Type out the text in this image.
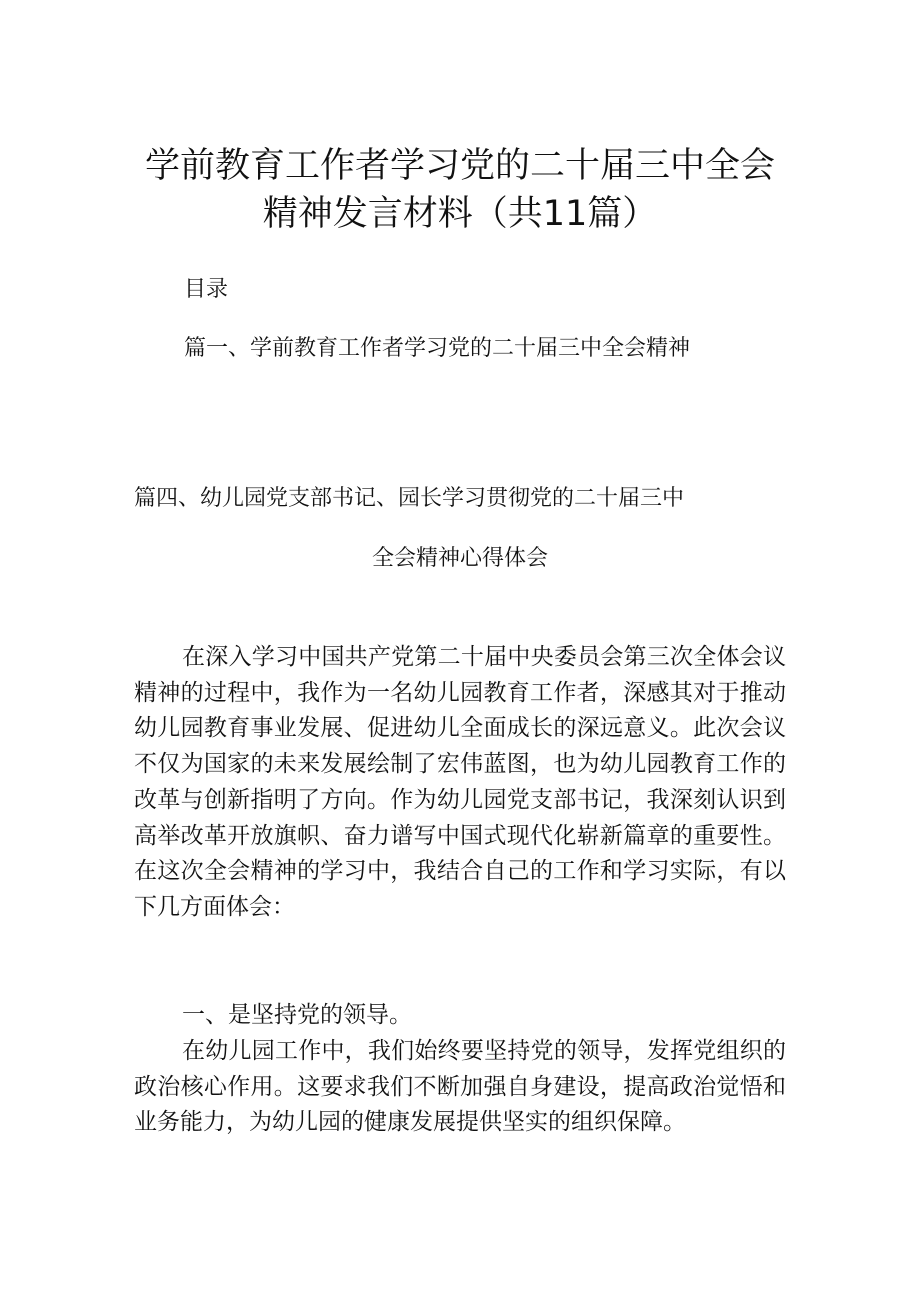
学前教育工作者学习党的二十届三中全会
精神发言材料（共11篇）
目录
篇一、学前教育工作者学习党的二十届三中全会精神
篇四、幼儿园党支部书记、园长学习贯彻党的二十届三中
全会精神心得体会
在深入学习中国共产党第二十届中央委员会第三次全体会议精神的过程中，我作为一名幼儿园教育工作者，深感其对于推动幼儿园教育事业发展、促进幼儿全面成长的深远意义。此次会议不仅为国家的未来发展绘制了宏伟蓝图，也为幼儿园教育工作的改革与创新指明了方向。作为幼儿园党支部书记，我深刻认识到高举改革开放旗帜、奋力谱写中国式现代化崭新篇章的重要性。在这次全会精神的学习中，我结合自己的工作和学习实际，有以下几方面体会：
一、是坚持党的领导。
在幼儿园工作中，我们始终要坚持党的领导，发挥党组织的政治核心作用。这要求我们不断加强自身建设，提高政治觉悟和业务能力，为幼儿园的健康发展提供坚实的组织保障。
